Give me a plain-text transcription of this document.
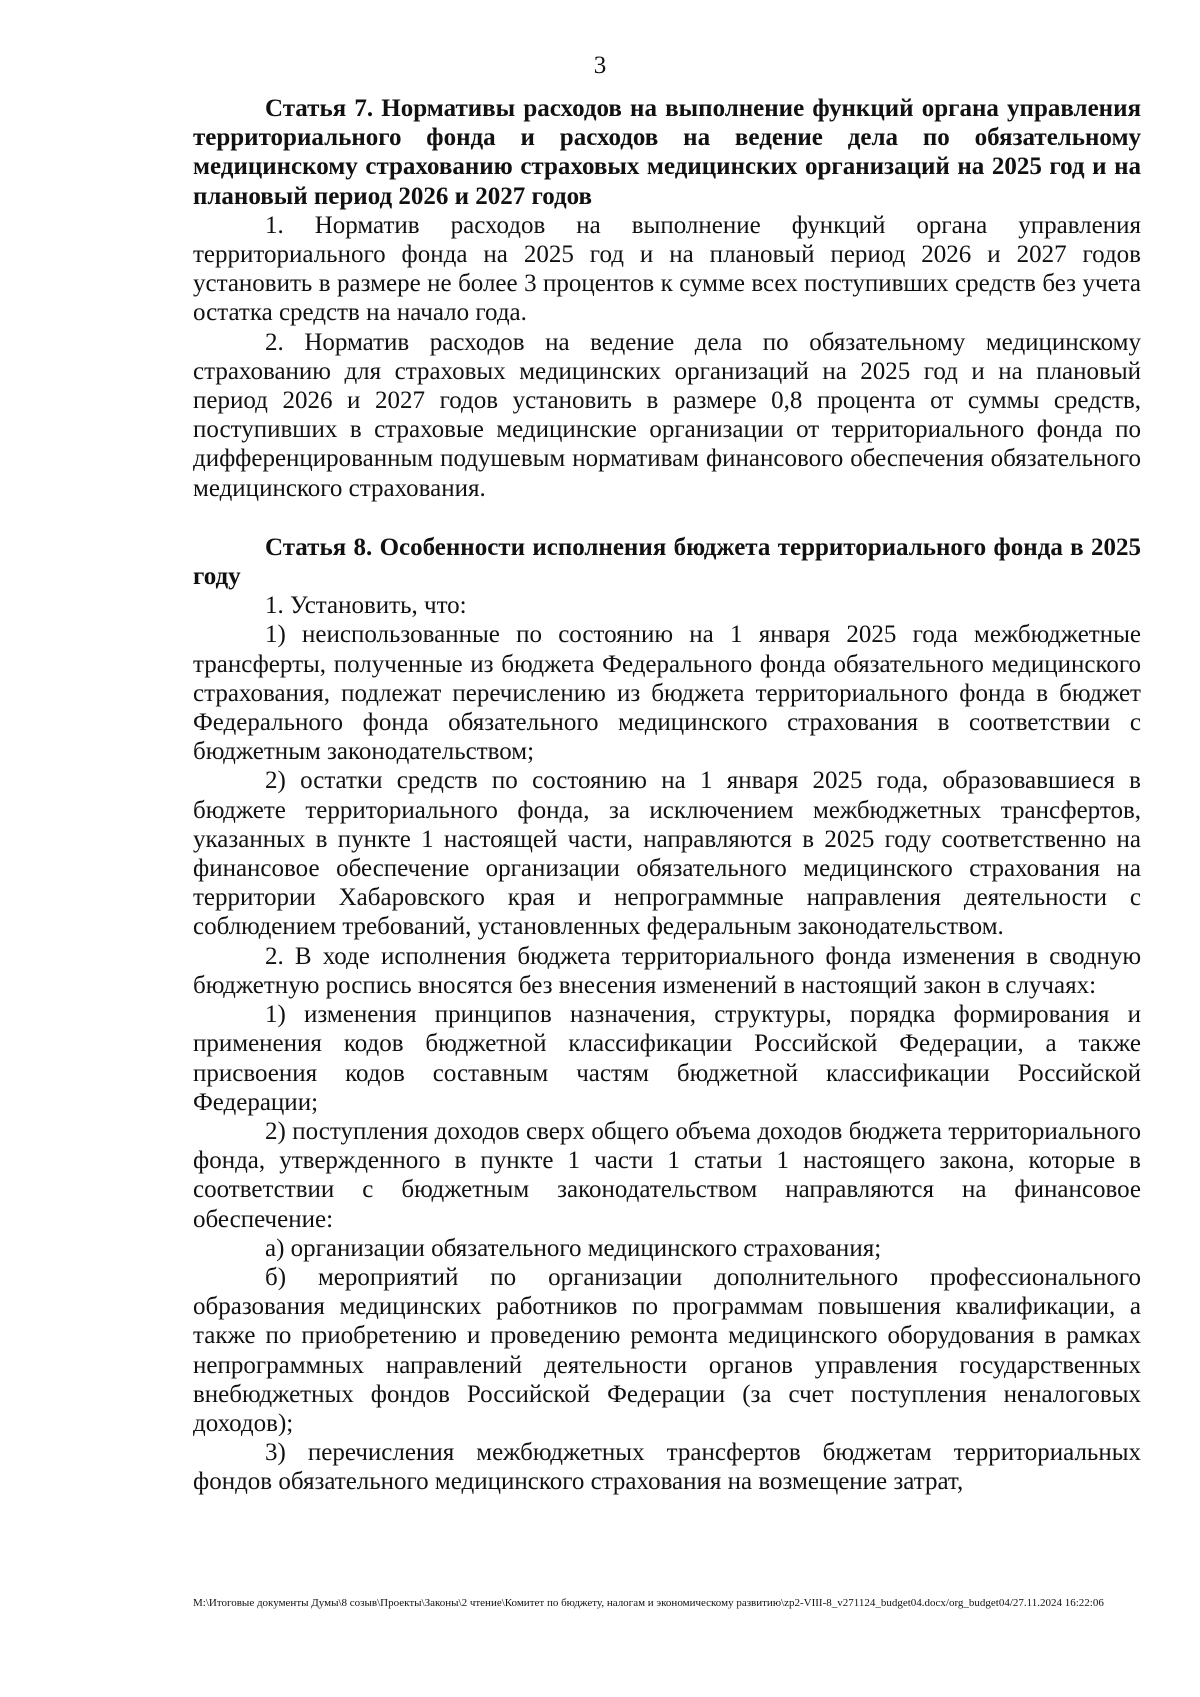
3

Статья 7. Нормативы расходов на выполнение функций органа управления территориального фонда и расходов на ведение дела по обязательному медицинскому страхованию страховых медицинских организаций на 2025 год и на плановый период 2026 и 2027 годов

1. Норматив расходов на выполнение функций органа управления территориального фонда на 2025 год и на плановый период 2026 и 2027 годов установить в размере не более 3 процентов к сумме всех поступивших средств без учета остатка средств на начало года.

2. Норматив расходов на ведение дела по обязательному медицинскому страхованию для страховых медицинских организаций на 2025 год и на плановый период 2026 и 2027 годов установить в размере 0,8 процента от суммы средств, поступивших в страховые медицинские организации от территориального фонда по дифференцированным подушевым нормативам финансового обеспечения обязательного медицинского страхования.

Статья 8. Особенности исполнения бюджета территориального фонда в 2025 году

1. Установить, что:

1) неиспользованные по состоянию на 1 января 2025 года межбюджетные трансферты, полученные из бюджета Федерального фонда обязательного медицинского страхования, подлежат перечислению из бюджета территориального фонда в бюджет Федерального фонда обязательного медицинского страхования в соответствии с бюджетным законодательством;

2) остатки средств по состоянию на 1 января 2025 года, образовавшиеся в бюджете территориального фонда, за исключением межбюджетных трансфертов, указанных в пункте 1 настоящей части, направляются в 2025 году соответственно на финансовое обеспечение организации обязательного медицинского страхования на территории Хабаровского края и непрограммные направления деятельности с соблюдением требований, установленных федеральным законодательством.

2. В ходе исполнения бюджета территориального фонда изменения в сводную бюджетную роспись вносятся без внесения изменений в настоящий закон в случаях:

1) изменения принципов назначения, структуры, порядка формирования и применения кодов бюджетной классификации Российской Федерации, а также присвоения кодов составным частям бюджетной классификации Российской Федерации;

2) поступления доходов сверх общего объема доходов бюджета территориального фонда, утвержденного в пункте 1 части 1 статьи 1 настоящего закона, которые в соответствии с бюджетным законодательством направляются на финансовое обеспечение:

а) организации обязательного медицинского страхования;

б) мероприятий по организации дополнительного профессионального образования медицинских работников по программам повышения квалификации, а также по приобретению и проведению ремонта медицинского оборудования в рамках непрограммных направлений деятельности органов управления государственных внебюджетных фондов Российской Федерации (за счет поступления неналоговых доходов);

3) перечисления межбюджетных трансфертов бюджетам территориальных фондов обязательного медицинского страхования на возмещение затрат,

M:\Итоговые документы Думы\8 созыв\Проекты\Законы\2 чтение\Комитет по бюджету, налогам и экономическому развитию\zp2-VIII-8_v271124_budget04.docx/org_budget04/27.11.2024 16:22:06
